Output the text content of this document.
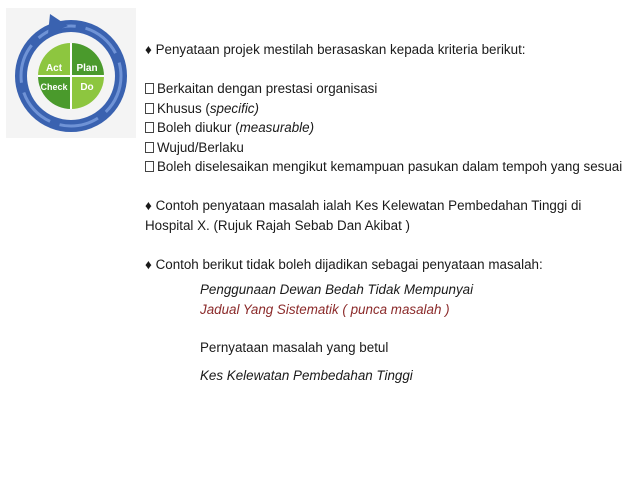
Act Plan
Check Do

♦ Penyataan projek mestilah berasaskan kepada kriteria berikut:

Berkaitan dengan prestasi organisasi

Khusus (specific)

Boleh diukur (measurable)

Wujud/Berlaku

Boleh diselesaikan mengikut kemampuan pasukan dalam tempoh yang sesuai

♦ Contoh penyataan masalah ialah Kes Kelewatan Pembedahan Tinggi di Hospital X. (Rujuk Rajah Sebab Dan Akibat )

♦ Contoh berikut tidak boleh dijadikan sebagai penyataan masalah:

Penggunaan Dewan Bedah Tidak Mempunyai

Jadual Yang Sistematik ( punca masalah )

Pernyataan masalah yang betul

Kes Kelewatan Pembedahan Tinggi
